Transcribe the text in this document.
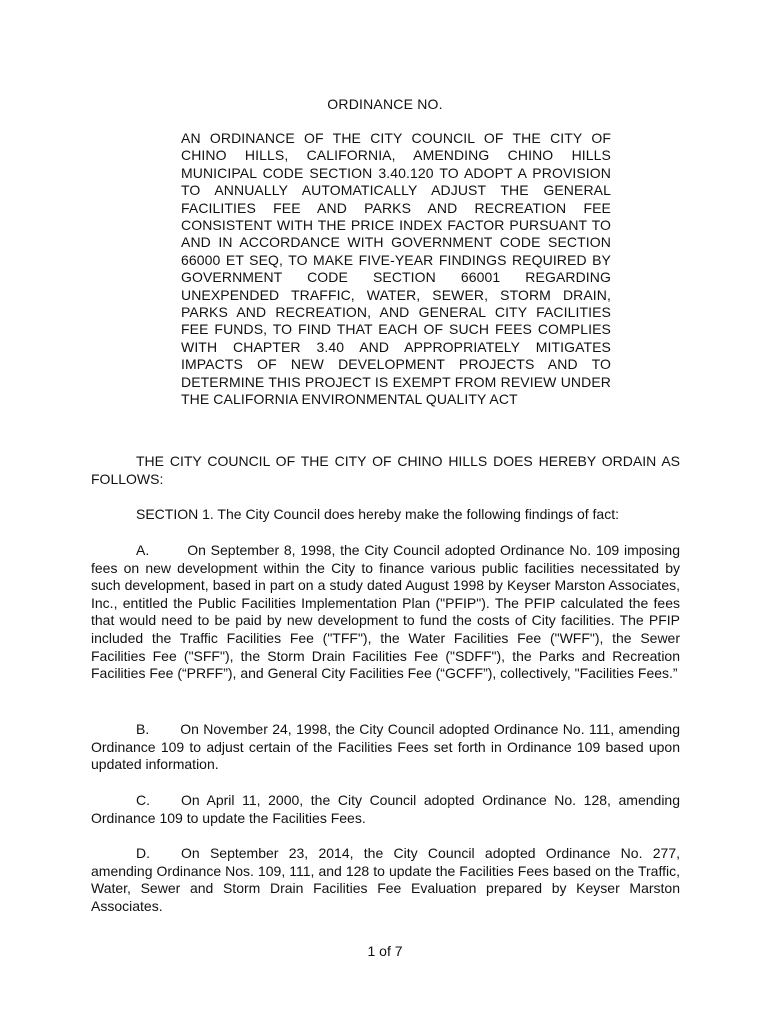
ORDINANCE NO.
AN ORDINANCE OF THE CITY COUNCIL OF THE CITY OF CHINO HILLS, CALIFORNIA, AMENDING CHINO HILLS MUNICIPAL CODE SECTION 3.40.120 TO ADOPT A PROVISION TO ANNUALLY AUTOMATICALLY ADJUST THE GENERAL FACILITIES FEE AND PARKS AND RECREATION FEE CONSISTENT WITH THE PRICE INDEX FACTOR PURSUANT TO AND IN ACCORDANCE WITH GOVERNMENT CODE SECTION 66000 ET SEQ, TO MAKE FIVE-YEAR FINDINGS REQUIRED BY GOVERNMENT CODE SECTION 66001 REGARDING UNEXPENDED TRAFFIC, WATER, SEWER, STORM DRAIN, PARKS AND RECREATION, AND GENERAL CITY FACILITIES FEE FUNDS, TO FIND THAT EACH OF SUCH FEES COMPLIES WITH CHAPTER 3.40 AND APPROPRIATELY MITIGATES IMPACTS OF NEW DEVELOPMENT PROJECTS AND TO DETERMINE THIS PROJECT IS EXEMPT FROM REVIEW UNDER THE CALIFORNIA ENVIRONMENTAL QUALITY ACT
THE CITY COUNCIL OF THE CITY OF CHINO HILLS DOES HEREBY ORDAIN AS FOLLOWS:
SECTION 1. The City Council does hereby make the following findings of fact:
A.	On September 8, 1998, the City Council adopted Ordinance No. 109 imposing fees on new development within the City to finance various public facilities necessitated by such development, based in part on a study dated August 1998 by Keyser Marston Associates, Inc., entitled the Public Facilities Implementation Plan ("PFIP"). The PFIP calculated the fees that would need to be paid by new development to fund the costs of City facilities. The PFIP included the Traffic Facilities Fee ("TFF"), the Water Facilities Fee ("WFF"), the Sewer Facilities Fee ("SFF"), the Storm Drain Facilities Fee ("SDFF"), the Parks and Recreation Facilities Fee (“PRFF”), and General City Facilities Fee (“GCFF”), collectively, "Facilities Fees.”
B. On November 24, 1998, the City Council adopted Ordinance No. 111, amending Ordinance 109 to adjust certain of the Facilities Fees set forth in Ordinance 109 based upon updated information.
C. On April 11, 2000, the City Council adopted Ordinance No. 128, amending Ordinance 109 to update the Facilities Fees.
D. On September 23, 2014, the City Council adopted Ordinance No. 277, amending Ordinance Nos. 109, 111, and 128 to update the Facilities Fees based on the Traffic, Water, Sewer and Storm Drain Facilities Fee Evaluation prepared by Keyser Marston Associates.
1 of 7
